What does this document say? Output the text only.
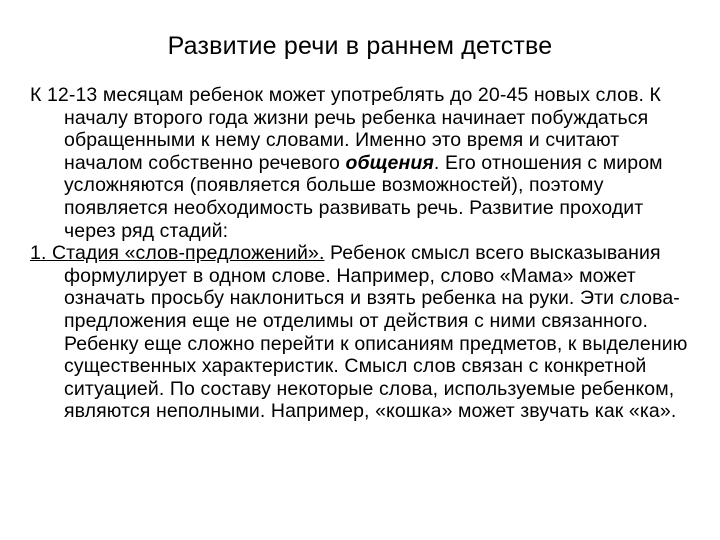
Развитие речи в раннем детстве

К 12-13 месяцам ребенок может употреблять до 20-45 новых слов. К началу второго года жизни речь ребенка начинает побуждаться обращенными к нему словами. Именно это время и считают началом собственно речевого общения. Его отношения с миром усложняются (появляется больше возможностей), поэтому появляется необходимость развивать речь. Развитие проходит через ряд стадий:

1. Стадия «слов-предложений». Ребенок смысл всего высказывания формулирует в одном слове. Например, слово «Мама» может означать просьбу наклониться и взять ребенка на руки. Эти слова-предложения еще не отделимы от действия с ними связанного. Ребенку еще сложно перейти к описаниям предметов, к выделению существенных характеристик. Смысл слов связан с конкретной ситуацией. По составу некоторые слова, используемые ребенком, являются неполными. Например, «кошка» может звучать как «ка».
